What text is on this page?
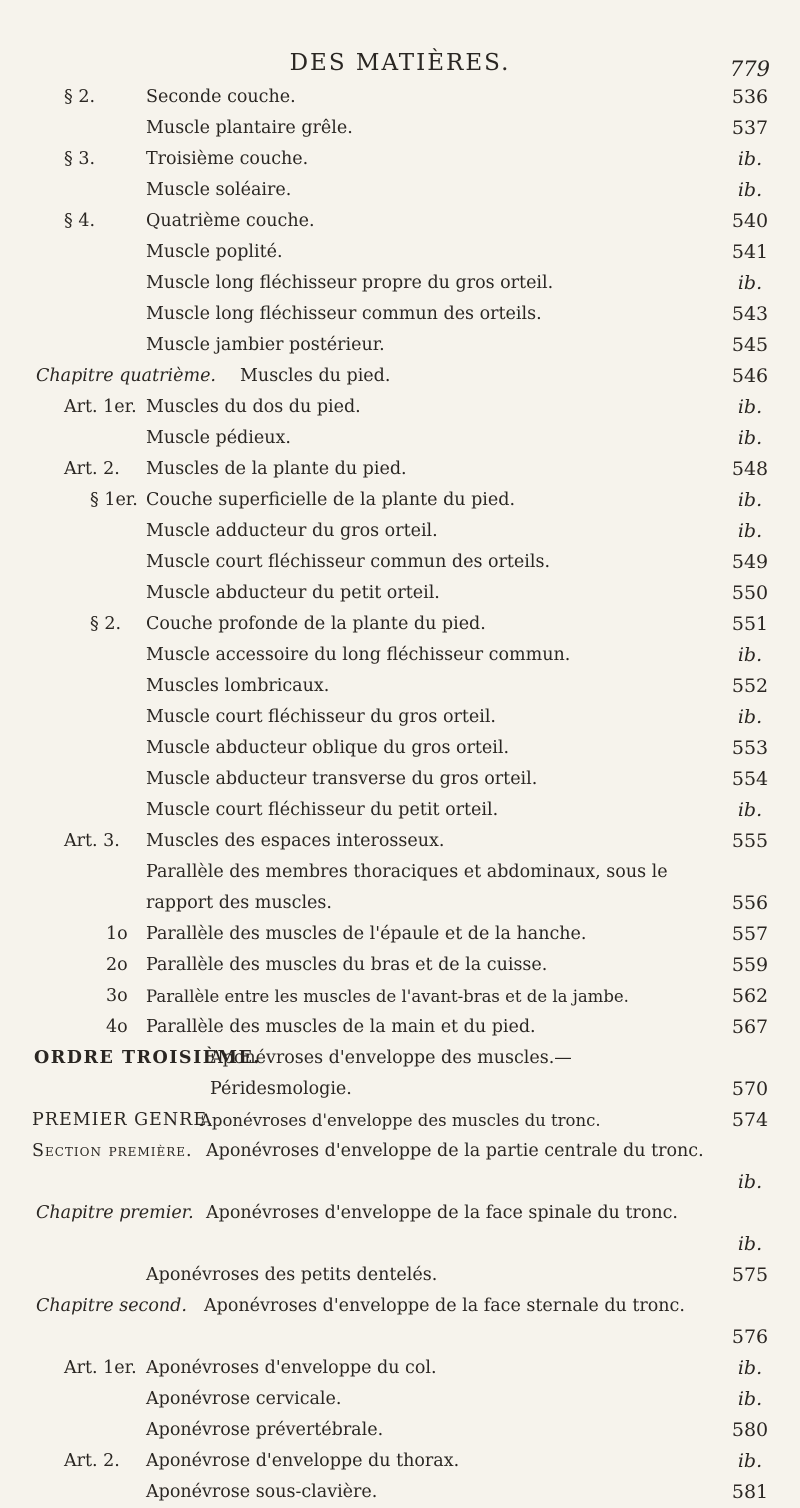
DES MATIÈRES.	779
§ 2.	Seconde couche.	536
Muscle plantaire grêle.	537
§ 3.	Troisième couche.	ib.
Muscle soléaire.	ib.
§ 4.	Quatrième couche.	540
Muscle poplité.	541
Muscle long fléchisseur propre du gros orteil.	ib.
Muscle long fléchisseur commun des orteils.	543
Muscle jambier postérieur.	545
Chapitre quatrième. Muscles du pied.	546
Art. 1er. Muscles du dos du pied.	ib.
Muscle pédieux.	ib.
Art. 2. Muscles de la plante du pied.	548
§ 1er. Couche superficielle de la plante du pied.	ib.
Muscle adducteur du gros orteil.	ib.
Muscle court fléchisseur commun des orteils.	549
Muscle abducteur du petit orteil.	550
§ 2. Couche profonde de la plante du pied.	551
Muscle accessoire du long fléchisseur commun.	ib.
Muscles lombricaux.	552
Muscle court fléchisseur du gros orteil.	ib.
Muscle abducteur oblique du gros orteil.	553
Muscle abducteur transverse du gros orteil.	554
Muscle court fléchisseur du petit orteil.	ib.
Art. 3. Muscles des espaces interosseux.	555
Parallèle des membres thoraciques et abdominaux, sous le rapport des muscles.	556
1o Parallèle des muscles de l'épaule et de la hanche.	557
2o Parallèle des muscles du bras et de la cuisse.	559
3o Parallèle entre les muscles de l'avant-bras et de la jambe.	562
4o Parallèle des muscles de la main et du pied.	567
ORDRE TROISIÈME.
Aponévroses d'enveloppe des muscles.— Péridesmologie.	570
PREMIER GENRE.
Aponévroses d'enveloppe des muscles du tronc.	574
Section première. Aponévroses d'enveloppe de la partie centrale du tronc.
ib.
Chapitre premier. Aponévroses d'enveloppe de la face spinale du tronc.
ib.
Aponévroses des petits dentelés.	575
Chapitre second. Aponévroses d'enveloppe de la face sternale du tronc.
576
Art. 1er. Aponévroses d'enveloppe du col.	ib.
Aponévrose cervicale.	ib.
Aponévrose prévertébrale.	580
Art. 2. Aponévrose d'enveloppe du thorax.	ib.
Aponévrose sous-clavière.	581
